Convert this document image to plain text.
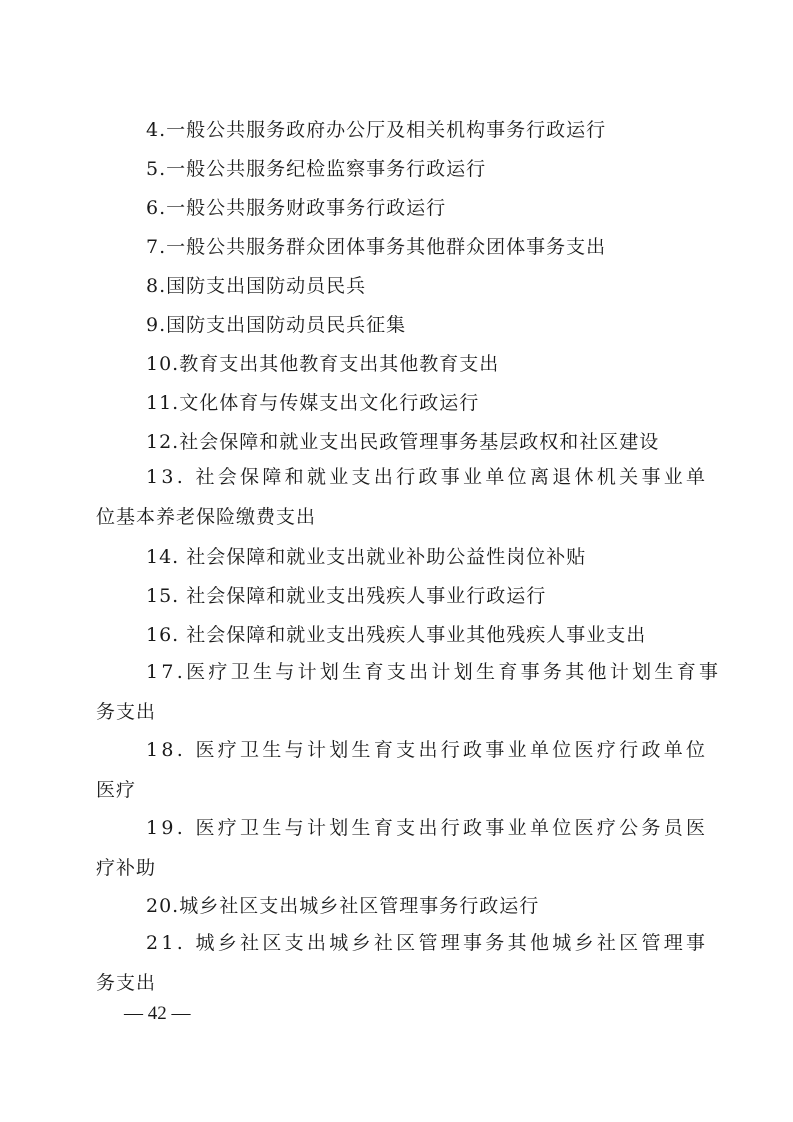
4.一般公共服务政府办公厅及相关机构事务行政运行
5.一般公共服务纪检监察事务行政运行
6.一般公共服务财政事务行政运行
7.一般公共服务群众团体事务其他群众团体事务支出
8.国防支出国防动员民兵
9.国防支出国防动员民兵征集
10.教育支出其他教育支出其他教育支出
11.文化体育与传媒支出文化行政运行
12.社会保障和就业支出民政管理事务基层政权和社区建设
13. 社会保障和就业支出行政事业单位离退休机关事业单
位基本养老保险缴费支出
14. 社会保障和就业支出就业补助公益性岗位补贴
15. 社会保障和就业支出残疾人事业行政运行
16. 社会保障和就业支出残疾人事业其他残疾人事业支出
17.医疗卫生与计划生育支出计划生育事务其他计划生育事
务支出
18. 医疗卫生与计划生育支出行政事业单位医疗行政单位
医疗
19. 医疗卫生与计划生育支出行政事业单位医疗公务员医
疗补助
20.城乡社区支出城乡社区管理事务行政运行
21. 城乡社区支出城乡社区管理事务其他城乡社区管理事
务支出
— 42 —
